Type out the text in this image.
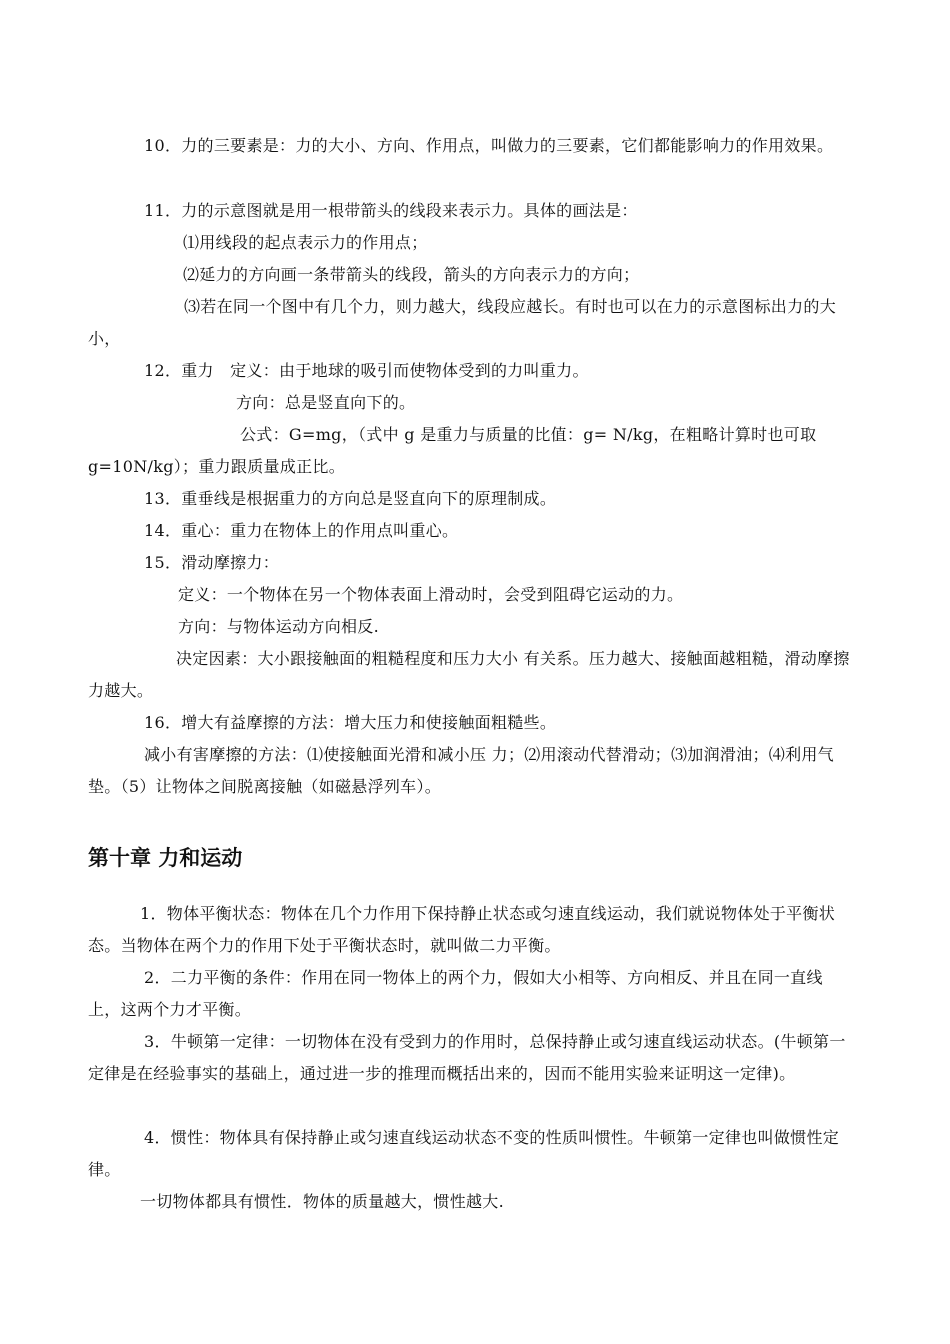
10．力的三要素是：力的大小、方向、作用点，叫做力的三要素，它们都能影响力的作用效果。
11．力的示意图就是用一根带箭头的线段来表示力。具体的画法是：
⑴用线段的起点表示力的作用点；
⑵延力的方向画一条带箭头的线段，箭头的方向表示力的方向；
⑶若在同一个图中有几个力，则力越大，线段应越长。有时也可以在力的示意图标出力的大小，
12．重力　定义：由于地球的吸引而使物体受到的力叫重力。
方向：总是竖直向下的。
公式：G=mg，（式中 g 是重力与质量的比值：g= N/kg，在粗略计算时也可取 g=10N/kg）；重力跟质量成正比。
13．重垂线是根据重力的方向总是竖直向下的原理制成。
14．重心：重力在物体上的作用点叫重心。
15．滑动摩擦力：
定义：一个物体在另一个物体表面上滑动时，会受到阻碍它运动的力。
方向：与物体运动方向相反.
决定因素：大小跟接触面的粗糙程度和压力大小 有关系。压力越大、接触面越粗糙，滑动摩擦力越大。
16．增大有益摩擦的方法：增大压力和使接触面粗糙些。
减小有害摩擦的方法：⑴使接触面光滑和减小压 力；⑵用滚动代替滑动；⑶加润滑油；⑷利用气垫。（5）让物体之间脱离接触（如磁悬浮列车）。
第十章 力和运动
1．物体平衡状态：物体在几个力作用下保持静止状态或匀速直线运动，我们就说物体处于平衡状态。当物体在两个力的作用下处于平衡状态时，就叫做二力平衡。
2．二力平衡的条件：作用在同一物体上的两个力，假如大小相等、方向相反、并且在同一直线上，这两个力才平衡。
3．牛顿第一定律：一切物体在没有受到力的作用时，总保持静止或匀速直线运动状态。(牛顿第一定律是在经验事实的基础上，通过进一步的推理而概括出来的，因而不能用实验来证明这一定律)。
4．惯性：物体具有保持静止或匀速直线运动状态不变的性质叫惯性。牛顿第一定律也叫做惯性定律。
一切物体都具有惯性．物体的质量越大，惯性越大.
